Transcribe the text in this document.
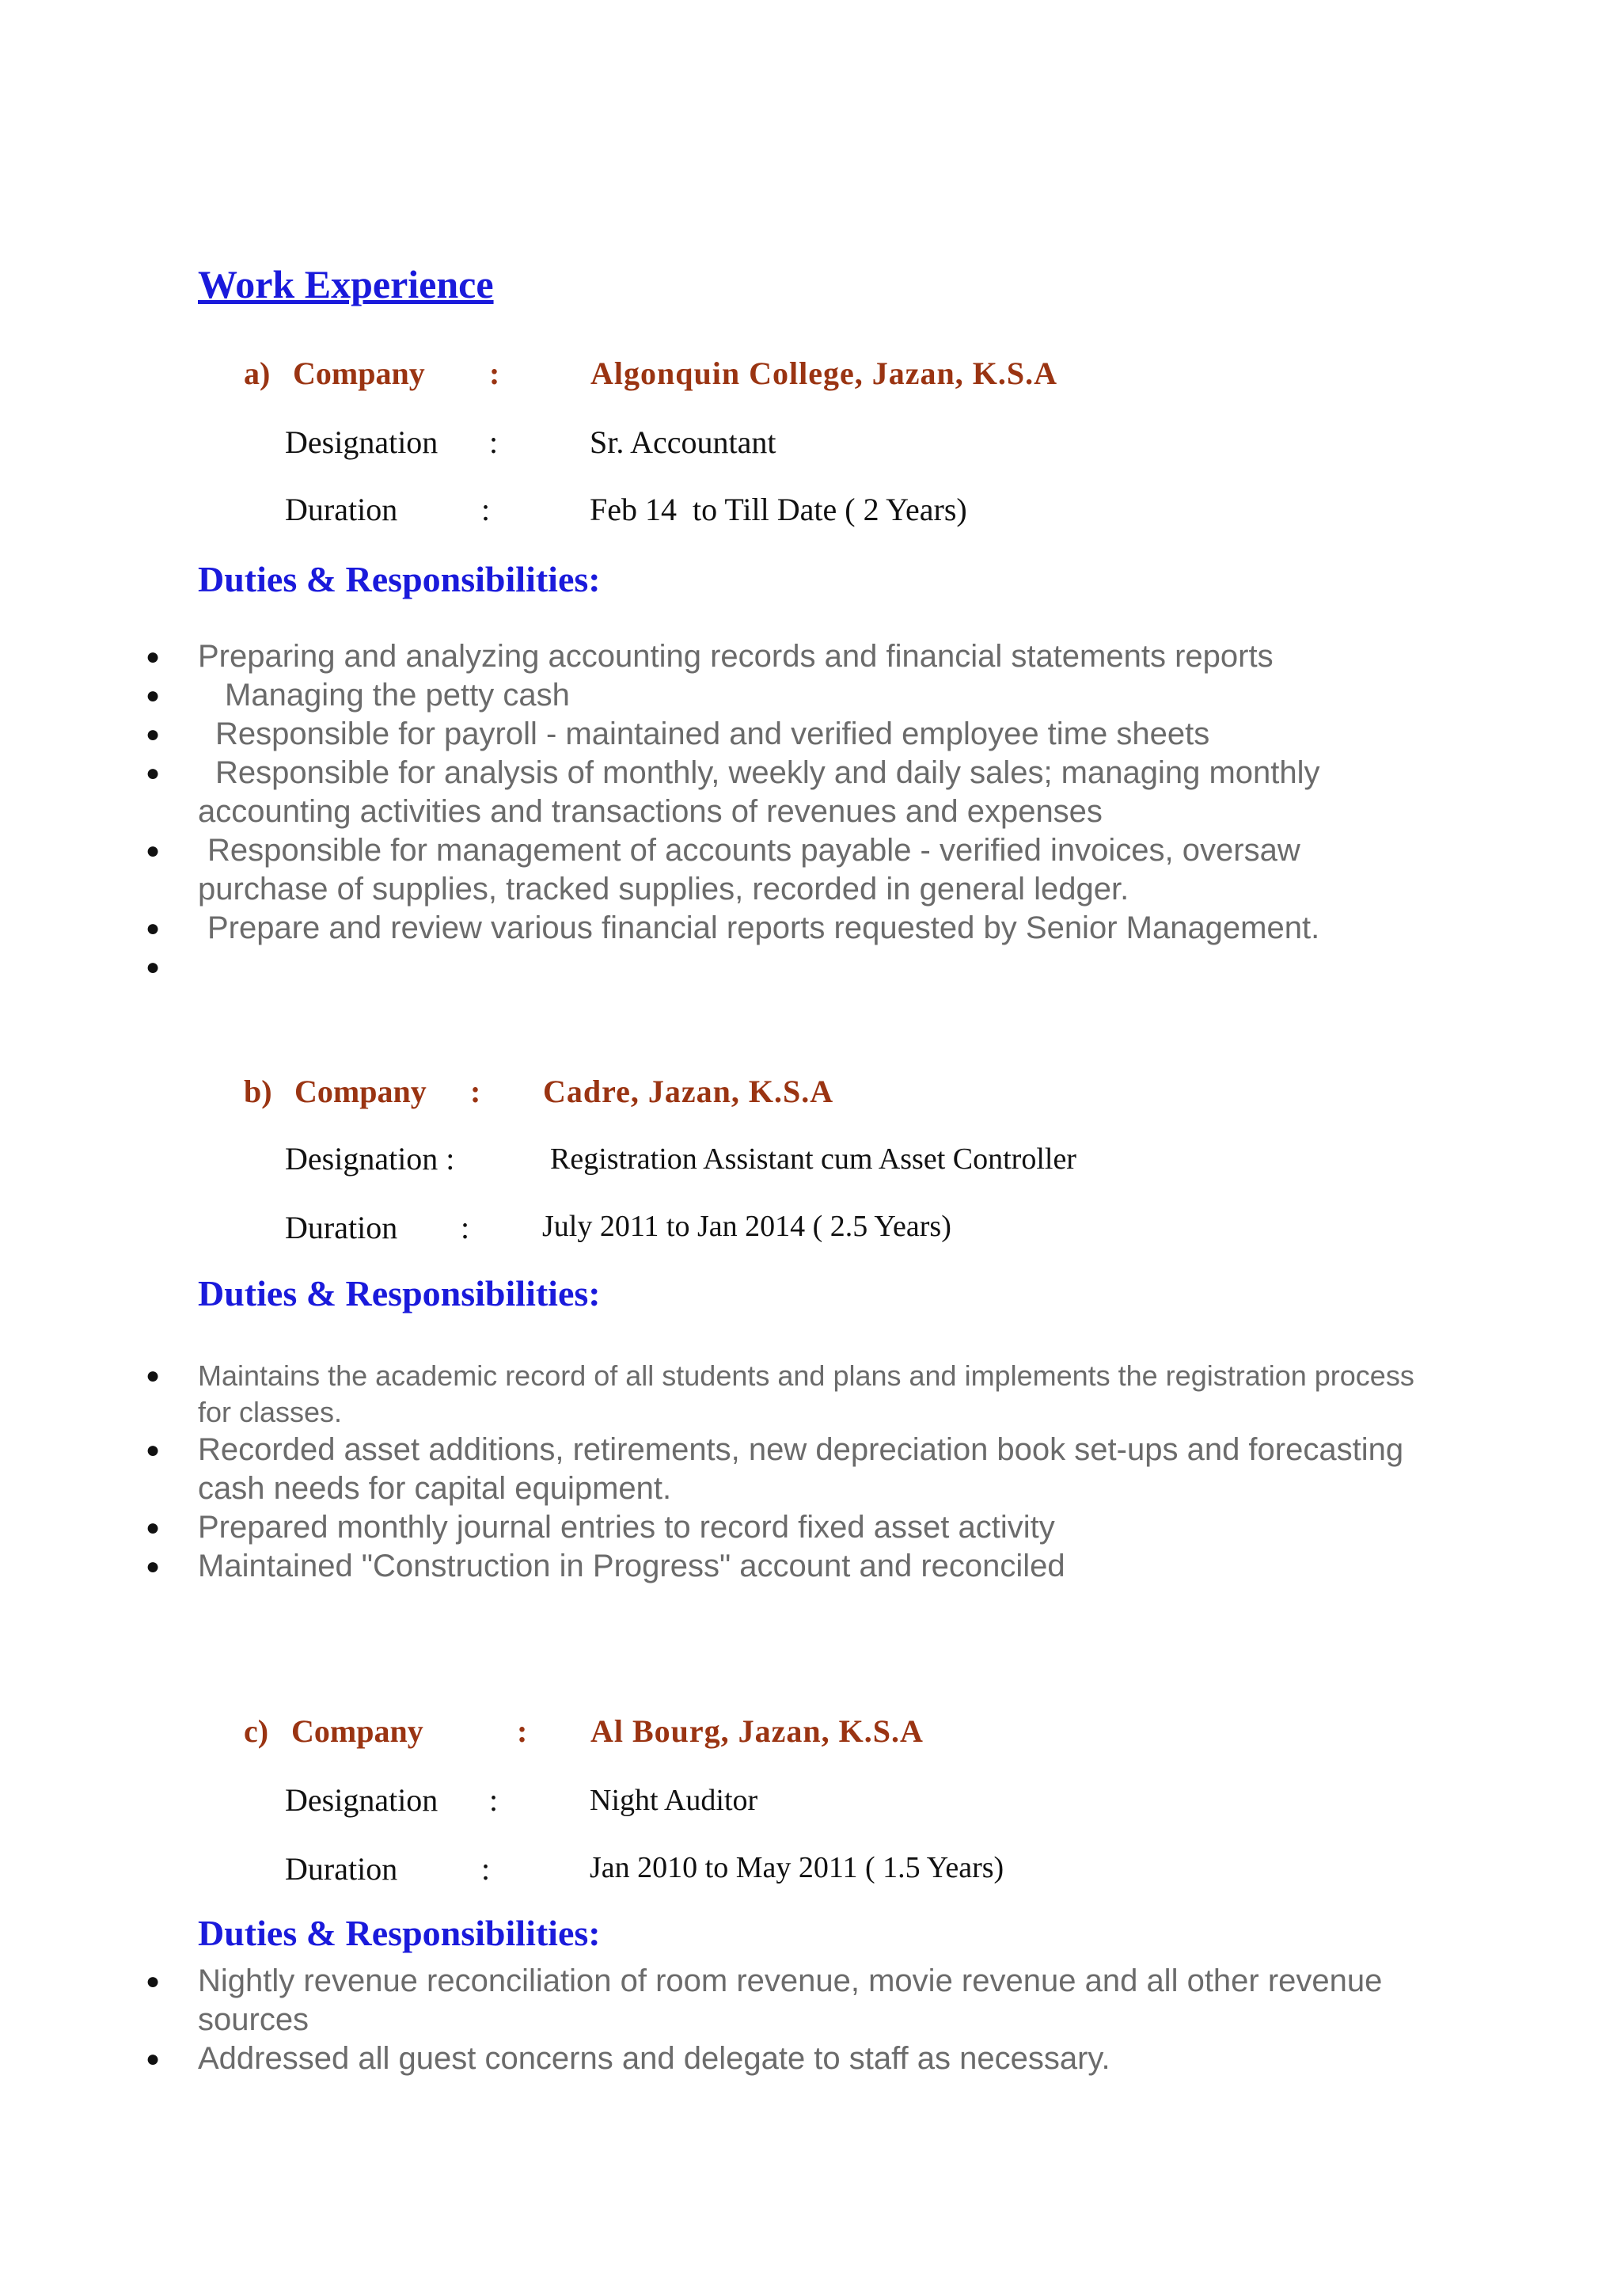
Work Experience
a) Company :	Algonquin College, Jazan, K.S.A
Designation :	Sr. Accountant
Duration	:	Feb 14  to Till Date ( 2 Years)
Duties & Responsibilities:
● Preparing and analyzing accounting records and financial statements reports
● Managing the petty cash
● Responsible for payroll - maintained and verified employee time sheets
● Responsible for analysis of monthly, weekly and daily sales; managing monthly accounting activities and transactions of revenues and expenses
● Responsible for management of accounts payable - verified invoices, oversaw purchase of supplies, tracked supplies, recorded in general ledger.
● Prepare and review various financial reports requested by Senior Management.
●
b) Company : Cadre, Jazan, K.S.A
Designation :	Registration Assistant cum Asset Controller
Duration : July 2011 to Jan 2014 ( 2.5 Years)
Duties & Responsibilities:
● Maintains the academic record of all students and plans and implements the registration process for classes.
● Recorded asset additions, retirements, new depreciation book set-ups and forecasting cash needs for capital equipment.
● Prepared monthly journal entries to record fixed asset activity
● Maintained "Construction in Progress" account and reconciled
c) Company	: Al Bourg, Jazan, K.S.A
Designation :	Night Auditor
Duration	:	Jan 2010 to May 2011 ( 1.5 Years)
Duties & Responsibilities:
● Nightly revenue reconciliation of room revenue, movie revenue and all other revenue sources
● Addressed all guest concerns and delegate to staff as necessary.
